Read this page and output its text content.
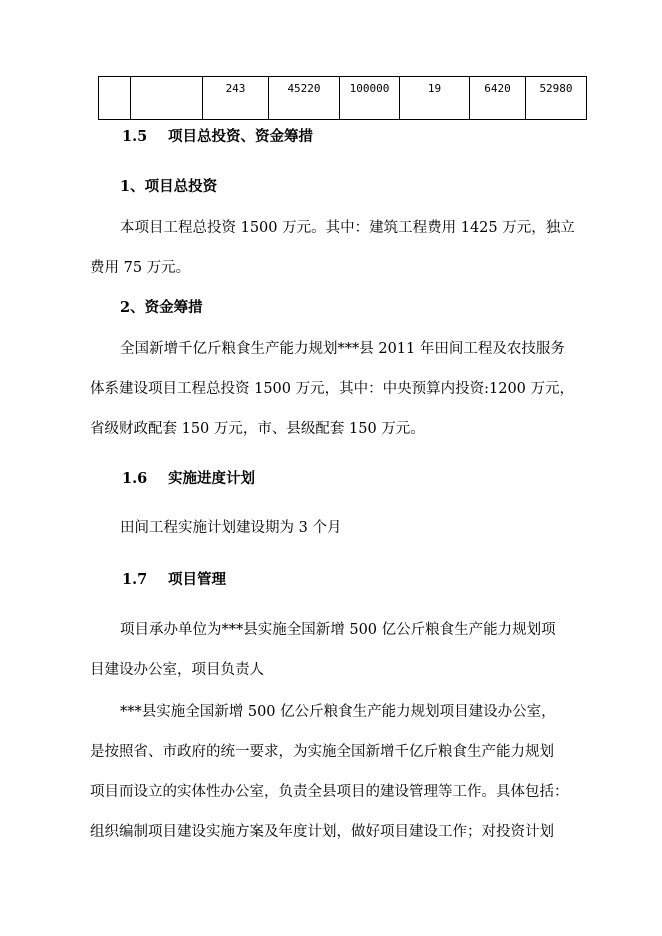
		243	45220	100000	19	6420	52980
1.5 项目总投资、资金筹措
1、项目总投资
本项目工程总投资 1500 万元。其中：建筑工程费用 1425 万元，独立
费用 75 万元。
2、资金筹措
全国新增千亿斤粮食生产能力规划***县 2011 年田间工程及农技服务
体系建设项目工程总投资 1500 万元，其中：中央预算内投资:1200 万元，
省级财政配套 150 万元，市、县级配套 150 万元。
1.6 实施进度计划
田间工程实施计划建设期为 3 个月
1.7 项目管理
项目承办单位为***县实施全国新增 500 亿公斤粮食生产能力规划项
目建设办公室，项目负责人
***县实施全国新增 500 亿公斤粮食生产能力规划项目建设办公室，
是按照省、市政府的统一要求，为实施全国新增千亿斤粮食生产能力规划
项目而设立的实体性办公室，负责全县项目的建设管理等工作。具体包括：
组织编制项目建设实施方案及年度计划，做好项目建设工作；对投资计划
